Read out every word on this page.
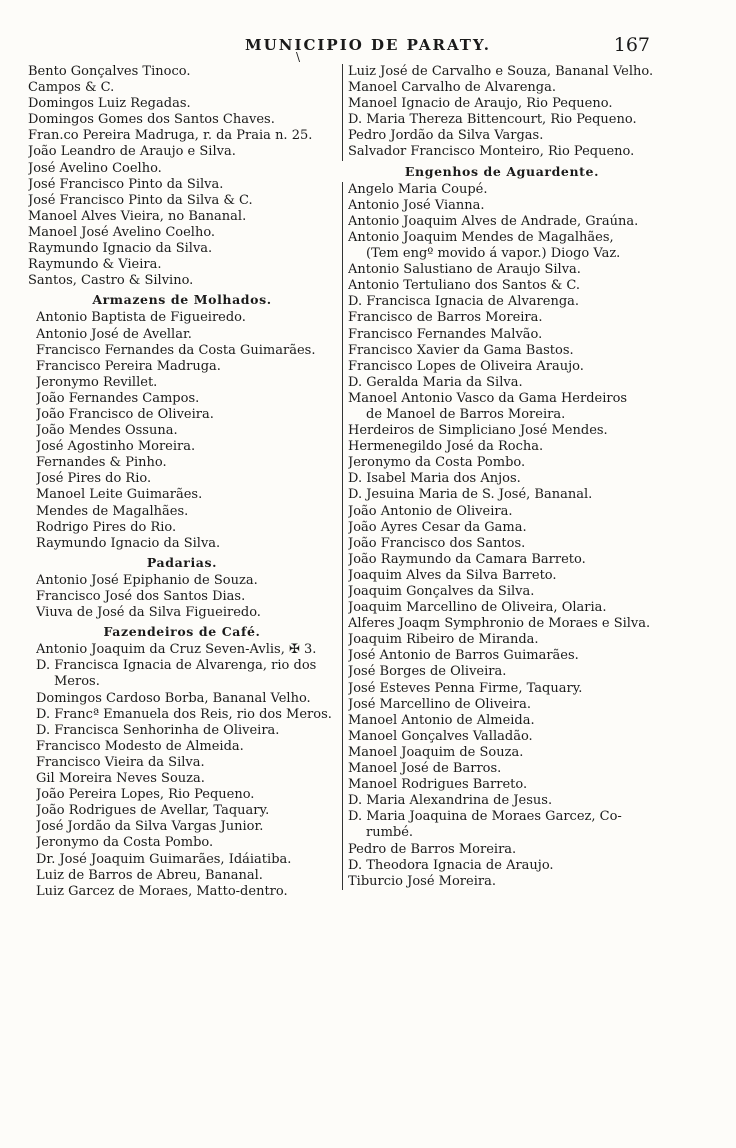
\
MUNICIPIO DE PARATY.	167
Bento Gonçalves Tinoco.
Campos & C.
Domingos Luiz Regadas.
Domingos Gomes dos Santos Chaves.
Fran.co Pereira Madruga, r. da Praia n. 25.
João Leandro de Araujo e Silva.
José Avelino Coelho.
José Francisco Pinto da Silva.
José Francisco Pinto da Silva & C.
Manoel Alves Vieira, no Bananal.
Manoel José Avelino Coelho.
Raymundo Ignacio da Silva.
Raymundo & Vieira.
Santos, Castro & Silvino.
Armazens de Molhados.
Antonio Baptista de Figueiredo.
Antonio José de Avellar.
Francisco Fernandes da Costa Guimarães.
Francisco Pereira Madruga.
Jeronymo Revillet.
João Fernandes Campos.
João Francisco de Oliveira.
João Mendes Ossuna.
José Agostinho Moreira.
Fernandes & Pinho.
José Pires do Rio.
Manoel Leite Guimarães.
Mendes de Magalhães.
Rodrigo Pires do Rio.
Raymundo Ignacio da Silva.
Padarias.
Antonio José Epiphanio de Souza.
Francisco José dos Santos Dias.
Viuva de José da Silva Figueiredo.
Fazendeiros de Café.
Antonio Joaquim da Cruz Seven-Avlis, ✠ 3.
D. Francisca Ignacia de Alvarenga, rio dos
Meros.
Domingos Cardoso Borba, Bananal Velho.
D. Francª Emanuela dos Reis, rio dos Meros.
D. Francisca Senhorinha de Oliveira.
Francisco Modesto de Almeida.
Francisco Vieira da Silva.
Gil Moreira Neves Souza.
João Pereira Lopes, Rio Pequeno.
João Rodrigues de Avellar, Taquary.
José Jordão da Silva Vargas Junior.
Jeronymo da Costa Pombo.
Dr. José Joaquim Guimarães, Idáiatiba.
Luiz de Barros de Abreu, Bananal.
Luiz Garcez de Moraes, Matto-dentro.
Luiz José de Carvalho e Souza, Bananal Velho.
Manoel Carvalho de Alvarenga.
Manoel Ignacio de Araujo, Rio Pequeno.
D. Maria Thereza Bittencourt, Rio Pequeno.
Pedro Jordão da Silva Vargas.
Salvador Francisco Monteiro, Rio Pequeno.
Engenhos de Aguardente.
Angelo Maria Coupé.
Antonio José Vianna.
Antonio Joaquim Alves de Andrade, Graúna.
Antonio Joaquim Mendes de Magalhães,
(Tem engº movido á vapor.) Diogo Vaz.
Antonio Salustiano de Araujo Silva.
Antonio Tertuliano dos Santos & C.
D. Francisca Ignacia de Alvarenga.
Francisco de Barros Moreira.
Francisco Fernandes Malvão.
Francisco Xavier da Gama Bastos.
Francisco Lopes de Oliveira Araujo.
D. Geralda Maria da Silva.
Manoel Antonio Vasco da Gama Herdeiros
de Manoel de Barros Moreira.
Herdeiros de Simpliciano José Mendes.
Hermenegildo José da Rocha.
Jeronymo da Costa Pombo.
D. Isabel Maria dos Anjos.
D. Jesuina Maria de S. José, Bananal.
João Antonio de Oliveira.
João Ayres Cesar da Gama.
João Francisco dos Santos.
João Raymundo da Camara Barreto.
Joaquim Alves da Silva Barreto.
Joaquim Gonçalves da Silva.
Joaquim Marcellino de Oliveira, Olaria.
Alferes Joaqm Symphronio de Moraes e Silva.
Joaquim Ribeiro de Miranda.
José Antonio de Barros Guimarães.
José Borges de Oliveira.
José Esteves Penna Firme, Taquary.
José Marcellino de Oliveira.
Manoel Antonio de Almeida.
Manoel Gonçalves Valladão.
Manoel Joaquim de Souza.
Manoel José de Barros.
Manoel Rodrigues Barreto.
D. Maria Alexandrina de Jesus.
D. Maria Joaquina de Moraes Garcez, Co-
rumbé.
Pedro de Barros Moreira.
D. Theodora Ignacia de Araujo.
Tiburcio José Moreira.
